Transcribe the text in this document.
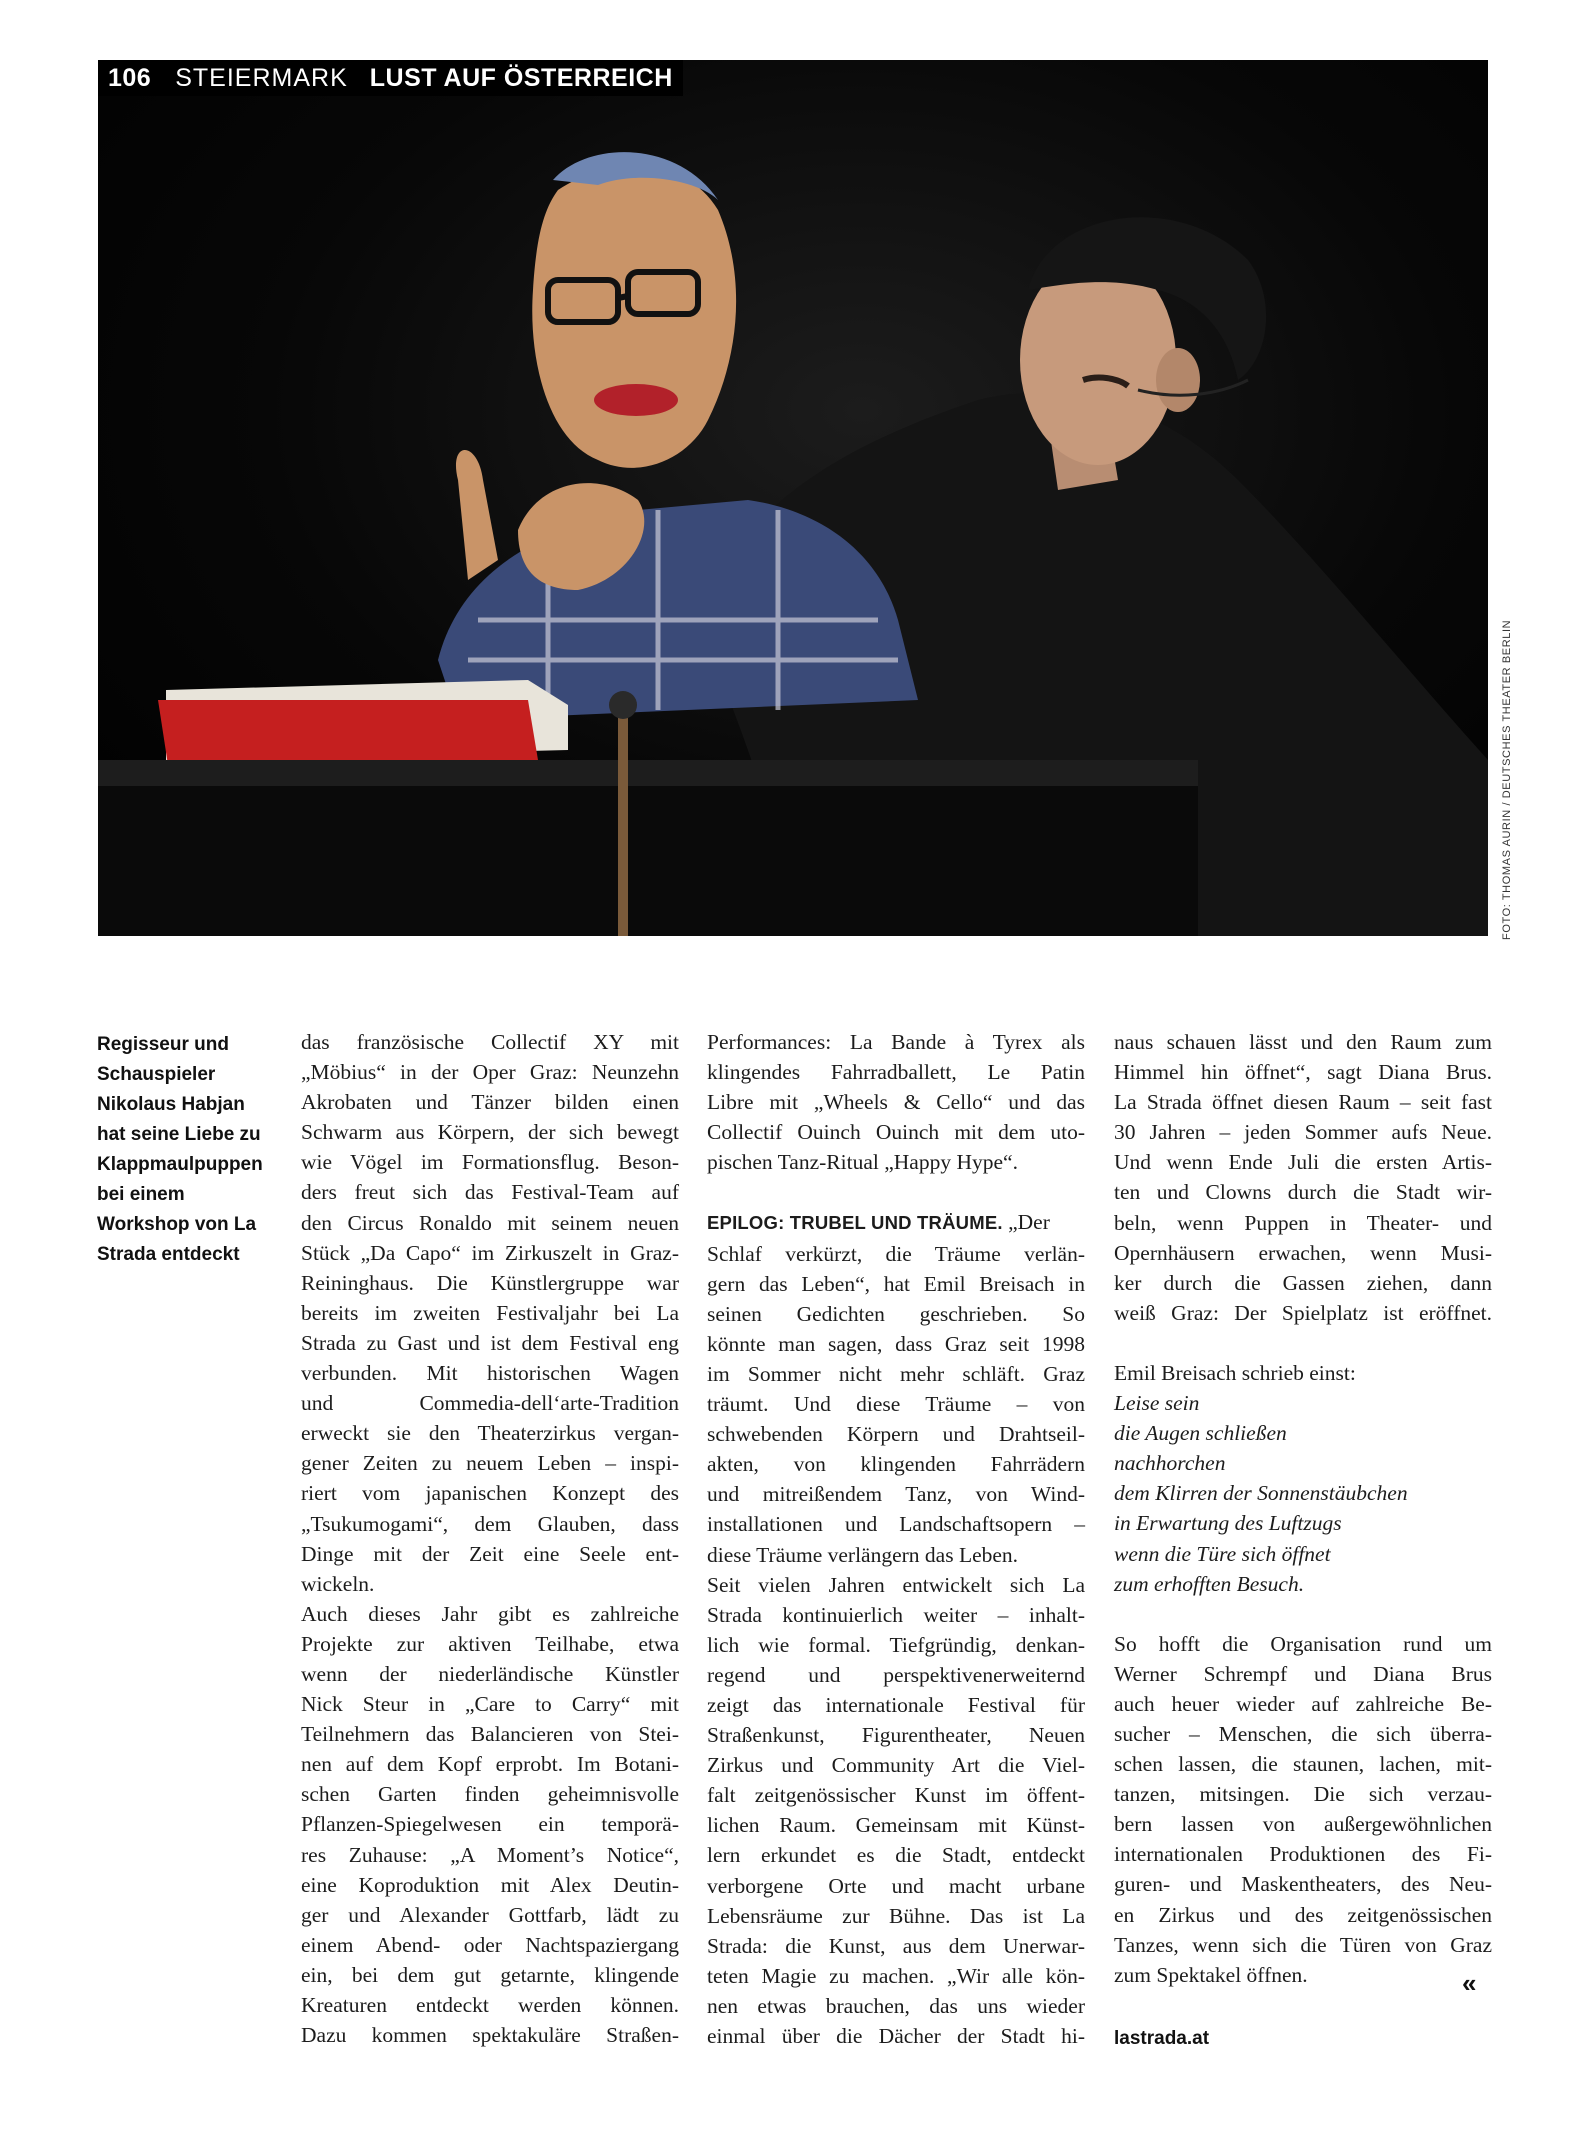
106 STEIERMARK LUST AUF ÖSTERREICH
FOTO: THOMAS AURIN / DEUTSCHES THEATER BERLIN
Regisseur und
Schauspieler
Nikolaus Habjan
hat seine Liebe zu
Klappmaulpuppen
bei einem
Workshop von La
Strada entdeckt
das französische Collectif XY mit
„Möbius“ in der Oper Graz: Neunzehn
Akrobaten und Tänzer bilden einen
Schwarm aus Körpern, der sich bewegt
wie Vögel im Formationsflug. Beson-
ders freut sich das Festival-Team auf
den Circus Ronaldo mit seinem neuen
Stück „Da Capo“ im Zirkuszelt in Graz-
Reininghaus. Die Künstlergruppe war
bereits im zweiten Festivaljahr bei La
Strada zu Gast und ist dem Festival eng
verbunden. Mit historischen Wagen
und Commedia-dell‘arte-Tradition
erweckt sie den Theaterzirkus vergan-
gener Zeiten zu neuem Leben – inspi-
riert vom japanischen Konzept des
„Tsukumogami“, dem Glauben, dass
Dinge mit der Zeit eine Seele ent-
wickeln.
Auch dieses Jahr gibt es zahlreiche
Projekte zur aktiven Teilhabe, etwa
wenn der niederländische Künstler
Nick Steur in „Care to Carry“ mit
Teilnehmern das Balancieren von Stei-
nen auf dem Kopf erprobt. Im Botani-
schen Garten finden geheimnisvolle
Pflanzen-Spiegelwesen ein temporä-
res Zuhause: „A Moment’s Notice“,
eine Koproduktion mit Alex Deutin-
ger und Alexander Gottfarb, lädt zu
einem Abend- oder Nachtspaziergang
ein, bei dem gut getarnte, klingende
Kreaturen entdeckt werden können.
Dazu kommen spektakuläre Straßen-
Performances: La Bande à Tyrex als
klingendes Fahrradballett, Le Patin
Libre mit „Wheels & Cello“ und das
Collectif Ouinch Ouinch mit dem uto-
pischen Tanz-Ritual „Happy Hype“.
EPILOG: TRUBEL UND TRÄUME. „Der
Schlaf verkürzt, die Träume verlän-
gern das Leben“, hat Emil Breisach in
seinen Gedichten geschrieben. So
könnte man sagen, dass Graz seit 1998
im Sommer nicht mehr schläft. Graz
träumt. Und diese Träume – von
schwebenden Körpern und Drahtseil-
akten, von klingenden Fahrrädern
und mitreißendem Tanz, von Wind-
installationen und Landschaftsopern –
diese Träume verlängern das Leben.
Seit vielen Jahren entwickelt sich La
Strada kontinuierlich weiter – inhalt-
lich wie formal. Tiefgründig, denkan-
regend und perspektivenerweiternd
zeigt das internationale Festival für
Straßenkunst, Figurentheater, Neuen
Zirkus und Community Art die Viel-
falt zeitgenössischer Kunst im öffent-
lichen Raum. Gemeinsam mit Künst-
lern erkundet es die Stadt, entdeckt
verborgene Orte und macht urbane
Lebensräume zur Bühne. Das ist La
Strada: die Kunst, aus dem Unerwar-
teten Magie zu machen. „Wir alle kön-
nen etwas brauchen, das uns wieder
einmal über die Dächer der Stadt hi-
naus schauen lässt und den Raum zum
Himmel hin öffnet“, sagt Diana Brus.
La Strada öffnet diesen Raum – seit fast
30 Jahren – jeden Sommer aufs Neue.
Und wenn Ende Juli die ersten Artis-
ten und Clowns durch die Stadt wir-
beln, wenn Puppen in Theater- und
Opernhäusern erwachen, wenn Musi-
ker durch die Gassen ziehen, dann
weiß Graz: Der Spielplatz ist eröffnet.
Emil Breisach schrieb einst:
Leise sein
die Augen schließen
nachhorchen
dem Klirren der Sonnenstäubchen
in Erwartung des Luftzugs
wenn die Türe sich öffnet
zum erhofften Besuch.
So hofft die Organisation rund um
Werner Schrempf und Diana Brus
auch heuer wieder auf zahlreiche Be-
sucher – Menschen, die sich überra-
schen lassen, die staunen, lachen, mit-
tanzen, mitsingen. Die sich verzau-
bern lassen von außergewöhnlichen
internationalen Produktionen des Fi-
guren- und Maskentheaters, des Neu-
en Zirkus und des zeitgenössischen
Tanzes, wenn sich die Türen von Graz
zum Spektakel öffnen.	«
lastrada.at
